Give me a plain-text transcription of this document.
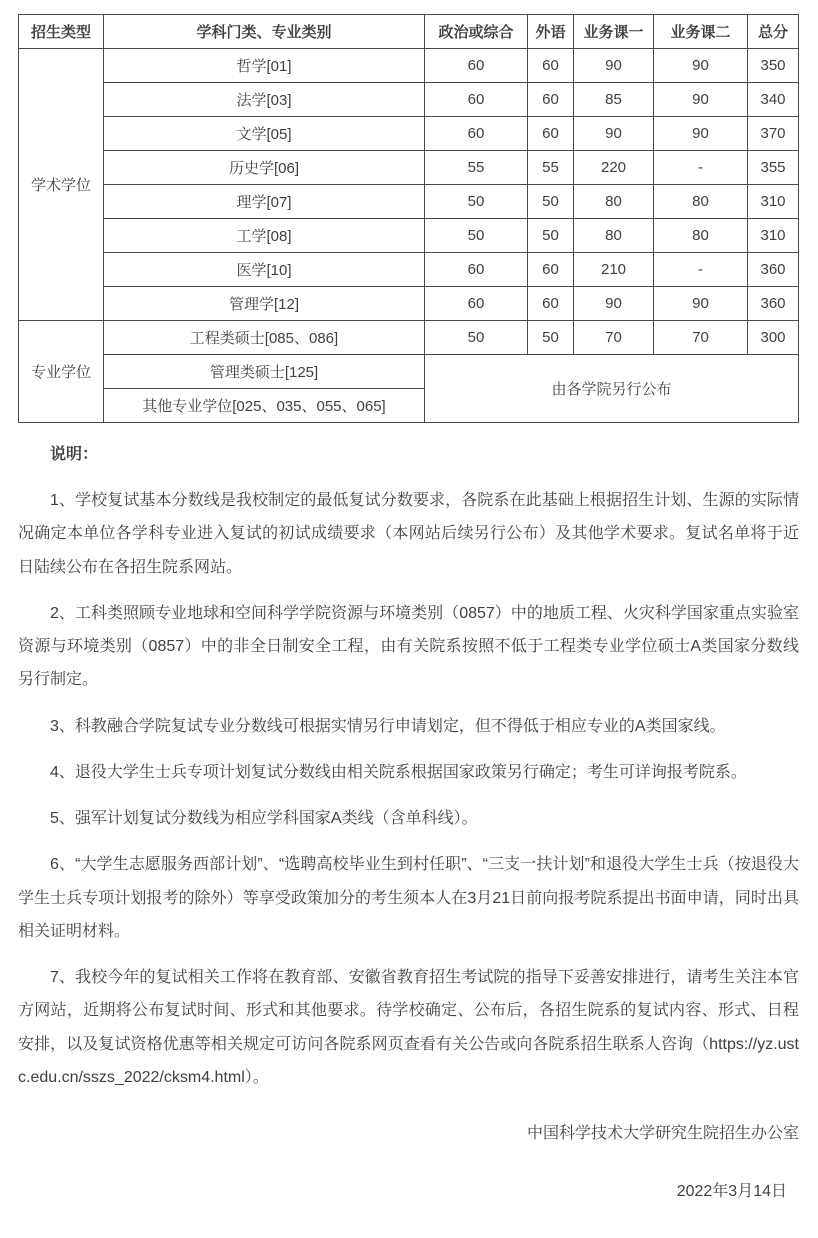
招生类型	学科门类、专业类别	政治或综合	外语	业务课一	业务课二	总分
学术学位	哲学[01]	60	60	90	90	350
	法学[03]	60	60	85	90	340
	文学[05]	60	60	90	90	370
	历史学[06]	55	55	220	-	355
	理学[07]	50	50	80	80	310
	工学[08]	50	50	80	80	310
	医学[10]	60	60	210	-	360
	管理学[12]	60	60	90	90	360
专业学位	工程类硕士[085、086]	50	50	70	70	300
	管理类硕士[125]	由各学院另行公布				
	其他专业学位[025、035、055、065]					
说明：

1、学校复试基本分数线是我校制定的最低复试分数要求，各院系在此基础上根据招生计划、生源的实际情况确定本单位各学科专业进入复试的初试成绩要求（本网站后续另行公布）及其他学术要求。复试名单将于近日陆续公布在各招生院系网站。

2、工科类照顾专业地球和空间科学学院资源与环境类别（0857）中的地质工程、火灾科学国家重点实验室资源与环境类别（0857）中的非全日制安全工程，由有关院系按照不低于工程类专业学位硕士A类国家分数线另行制定。

3、科教融合学院复试专业分数线可根据实情另行申请划定，但不得低于相应专业的A类国家线。

4、退役大学生士兵专项计划复试分数线由相关院系根据国家政策另行确定；考生可详询报考院系。

5、强军计划复试分数线为相应学科国家A类线（含单科线）。

6、“大学生志愿服务西部计划”、“选聘高校毕业生到村任职”、“三支一扶计划”和退役大学生士兵（按退役大学生士兵专项计划报考的除外）等享受政策加分的考生须本人在3月21日前向报考院系提出书面申请，同时出具相关证明材料。

7、我校今年的复试相关工作将在教育部、安徽省教育招生考试院的指导下妥善安排进行，请考生关注本官方网站，近期将公布复试时间、形式和其他要求。待学校确定、公布后，各招生院系的复试内容、形式、日程安排，以及复试资格优惠等相关规定可访问各院系网页查看有关公告或向各院系招生联系人咨询（https://yz.ustc.edu.cn/sszs_2022/cksm4.html）。

中国科学技术大学研究生院招生办公室
2022年3月14日
